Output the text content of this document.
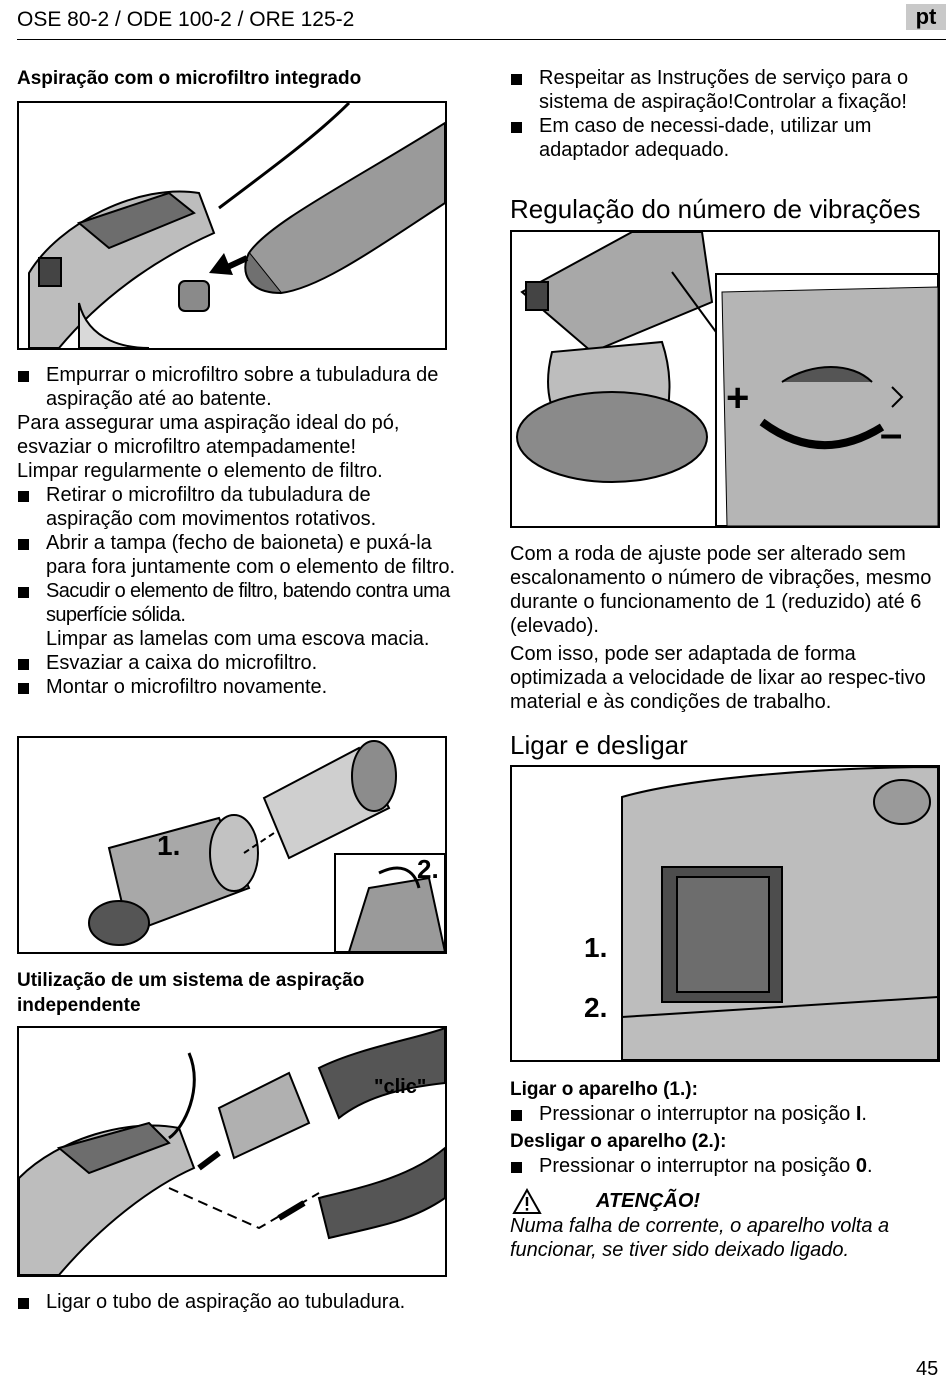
OSE 80-2 / ODE 100-2 / ORE 125-2	pt
Aspiração com o microfiltro integrado
Empurrar o microfiltro sobre a tubuladura de aspiração até ao batente.
Para assegurar uma aspiração ideal do pó, esvaziar o microfiltro atempadamente!
Limpar regularmente o elemento de filtro.
Retirar o microfiltro da tubuladura de aspiração com movimentos rotativos.
Abrir a tampa (fecho de baioneta) e puxá-la para fora juntamente com o elemento de filtro.
Sacudir o elemento de filtro, batendo contra uma superfície sólida.
Limpar as lamelas com uma escova macia.
Esvaziar a caixa do microfiltro.
Montar o microfiltro novamente.
1.
2.
Utilização de um sistema de aspiração independente
"clic"
Ligar o tubo de aspiração ao tubuladura.
Respeitar as Instruções de serviço para o sistema de aspiração!Controlar a fixação!
Em caso de necessi-dade, utilizar um adaptador adequado.
Regulação do número de vibrações
+
–
Com a roda de ajuste pode ser alterado sem escalonamento o número de vibrações, mesmo durante o funcionamento de 1 (reduzido) até 6 (elevado).
Com isso, pode ser adaptada de forma optimizada a velocidade de lixar ao respec-tivo material e às condições de trabalho.
Ligar e desligar
1.
2.
Ligar o aparelho (1.):
Pressionar o interruptor na posição I.
Desligar o aparelho (2.):
Pressionar o interruptor na posição 0.
ATENÇÃO!
Numa falha de corrente, o aparelho volta a funcionar, se tiver sido deixado ligado.
45
